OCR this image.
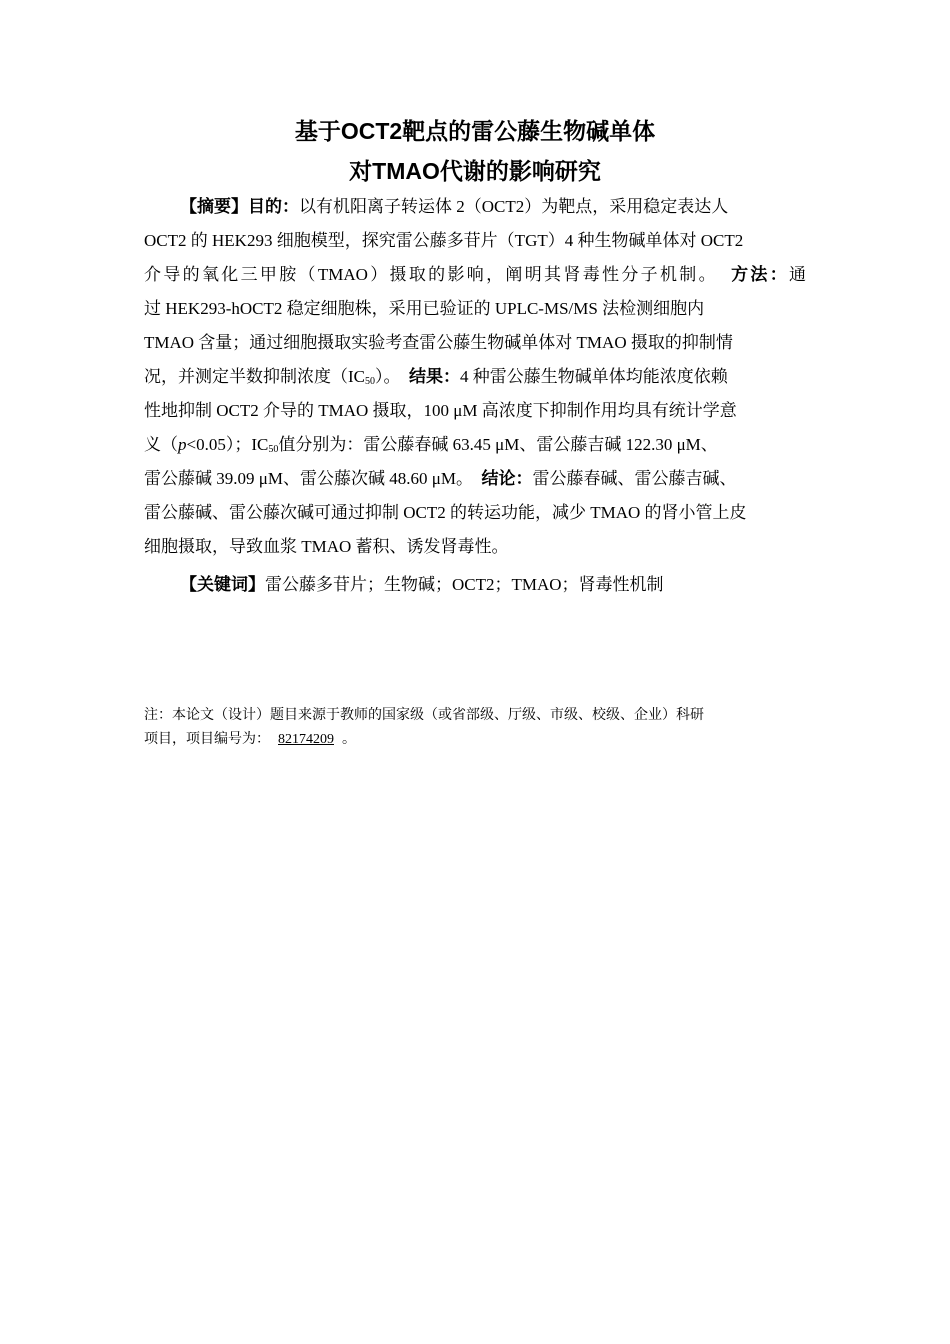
基于OCT2靶点的雷公藤生物碱单体
对TMAO代谢的影响研究
【摘要】目的：以有机阳离子转运体 2（OCT2）为靶点，采用稳定表达人
OCT2 的 HEK293 细胞模型，探究雷公藤多苷片（TGT）4 种生物碱单体对 OCT2
介导的氧化三甲胺（TMAO）摄取的影响，阐明其肾毒性分子机制。 方法：通
过 HEK293-hOCT2 稳定细胞株，采用已验证的 UPLC-MS/MS 法检测细胞内
TMAO 含量；通过细胞摄取实验考查雷公藤生物碱单体对 TMAO 摄取的抑制情
况，并测定半数抑制浓度$(IC_{50})$。 结果：4 种雷公藤生物碱单体均能浓度依赖
性地抑制 OCT2 介导的 TMAO 摄取，100 μM 高浓度下抑制作用均具有统计学意
义（p<0.05）；$IC_{50}$值分别为：雷公藤春碱 63.45 μM、雷公藤吉碱 122.30 μM、
雷公藤碱 39.09 μM、雷公藤次碱 48.60 μM。 结论：雷公藤春碱、雷公藤吉碱、
雷公藤碱、雷公藤次碱可通过抑制 OCT2 的转运功能，减少 TMAO 的肾小管上皮
细胞摄取，导致血浆 TMAO 蓄积、诱发肾毒性。
【关键词】雷公藤多苷片；生物碱；OCT2；TMAO；肾毒性机制
注：本论文（设计）题目来源于教师的国家级（或省部级、厅级、市级、校级、企业）科研
项目，项目编号为： 82174209 。
